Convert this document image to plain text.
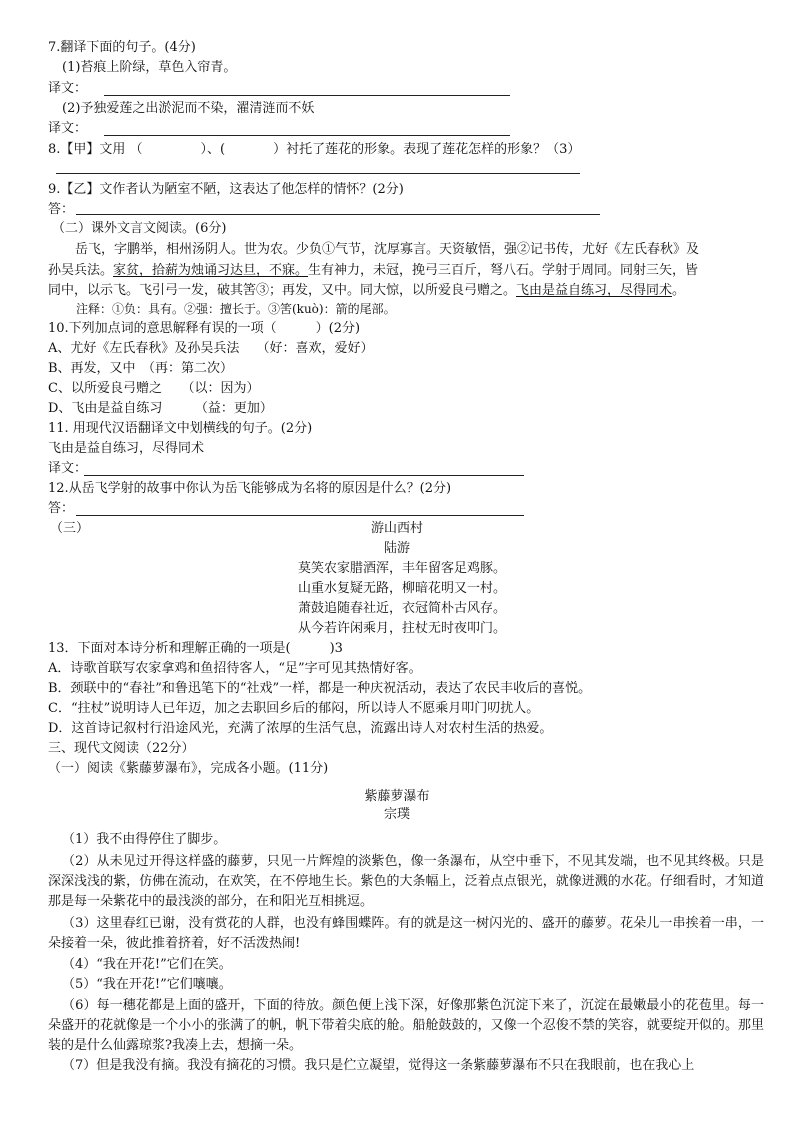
7.翻译下面的句子。(4分)
(1)苔痕上阶绿，草色入帘青。
译文：
(2)予独爱莲之出淤泥而不染，濯清涟而不妖
译文：
8.【甲】文用 （	）、(	）衬托了莲花的形象。表现了莲花怎样的形象？（3）
9.【乙】文作者认为陋室不陋，这表达了他怎样的情怀？(2分)
答：
（二）课外文言文阅读。(6分)
岳飞，字鹏举，相州汤阴人。世为农。少负①气节，沈厚寡言。天资敏悟，强②记书传，尤好《左氏春秋》及
孙吴兵法。家贫，拾薪为烛诵习达旦，不寐。生有神力，未冠，挽弓三百斤，弩八石。学射于周同。同射三矢，皆
同中，以示飞。飞引弓一发，破其筈③；再发，又中。同大惊，以所爱良弓赠之。飞由是益自练习，尽得同术。
注释：①负：具有。②强：擅长于。③筈(kuò)：箭的尾部。
10.下列加点词的意思解释有误的一项（　　　）(2分)
A、尤好《左氏春秋》及孙吴兵法　 （好：喜欢，爱好）
B、再发，又中　（再：第二次）
C、以所爱良弓赠之　　（以：因为）
D、飞由是益自练习　　　（益：更加）
11. 用现代汉语翻译文中划横线的句子。(2分)
飞由是益自练习，尽得同术
译文：
12.从岳飞学射的故事中你认为岳飞能够成为名将的原因是什么？(2分)
答：
（三）	游山西村
陆游
莫笑农家腊酒浑，丰年留客足鸡豚。
山重水复疑无路，柳暗花明又一村。
萧鼓追随春社近，衣冠简朴古风存。
从今若许闲乘月，拄杖无时夜叩门。
13．下面对本诗分析和理解正确的一项是(　　　)3
A．诗歌首联写农家拿鸡和鱼招待客人，“足”字可见其热情好客。
B．颈联中的“春社”和鲁迅笔下的“社戏”一样，都是一种庆祝活动，表达了农民丰收后的喜悦。
C．“拄杖”说明诗人已年迈，加之去职回乡后的郁闷，所以诗人不愿乘月叩门叨扰人。
D．这首诗记叙村行沿途风光，充满了浓厚的生活气息，流露出诗人对农村生活的热爱。
三、现代文阅读（22分）
（一）阅读《紫藤萝瀑布》，完成各小题。(11分)
紫藤萝瀑布
宗璞
（1）我不由得停住了脚步。
（2）从未见过开得这样盛的藤萝，只见一片辉煌的淡紫色，像一条瀑布，从空中垂下，不见其发端，也不见其终极。只是深深浅浅的紫，仿佛在流动，在欢笑，在不停地生长。紫色的大条幅上，泛着点点银光，就像迸溅的水花。仔细看时，才知道那是每一朵紫花中的最浅淡的部分，在和阳光互相挑逗。
（3）这里春红已谢，没有赏花的人群，也没有蜂围蝶阵。有的就是这一树闪光的、盛开的藤萝。花朵儿一串挨着一串，一朵接着一朵，彼此推着挤着，好不活泼热闹!
（4）“我在开花!”它们在笑。
（5）“我在开花!”它们嚷嚷。
（6）每一穗花都是上面的盛开，下面的待放。颜色便上浅下深，好像那紫色沉淀下来了，沉淀在最嫩最小的花苞里。每一朵盛开的花就像是一个小小的张满了的帆，帆下带着尖底的舱。船舱鼓鼓的，又像一个忍俊不禁的笑容，就要绽开似的。那里装的是什么仙露琼浆?我凑上去，想摘一朵。
（7）但是我没有摘。我没有摘花的习惯。我只是伫立凝望，觉得这一条紫藤萝瀑布不只在我眼前，也在我心上
